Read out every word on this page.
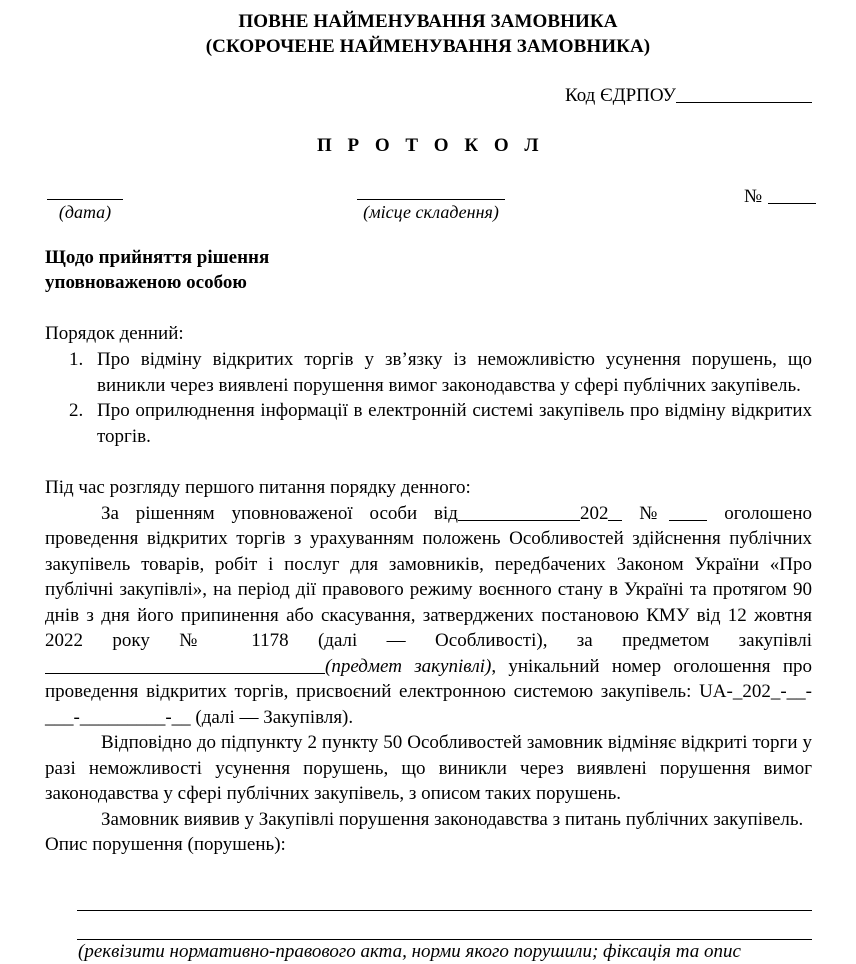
ПОВНЕ НАЙМЕНУВАННЯ ЗАМОВНИКА
(СКОРОЧЕНЕ НАЙМЕНУВАННЯ ЗАМОВНИКА)
Код ЄДРПОУ
П Р О Т О К О Л
(дата)	(місце складення)
№
Щодо прийняття рішення
уповноваженою особою
Порядок денний:
Про відміну відкритих торгів у зв’язку із неможливістю усунення порушень, що виникли через виявлені порушення вимог законодавства у сфері публічних закупівель.
Про оприлюднення інформації в електронній системі закупівель про відміну відкритих торгів.

Під час розгляду першого питання порядку денного:

За рішенням уповноваженої особи від	202 №	оголошено проведення відкритих торгів з урахуванням положень Особливостей здійснення публічних закупівель товарів, робіт і послуг для замовників, передбачених Законом України «Про публічні закупівлі», на період дії правового режиму воєнного стану в Україні та протягом 90 днів з дня його припинення або скасування, затверджених постановою КМУ від 12 жовтня 2022 року № 1178 (далі — Особливості), за предметом закупівлі (предмет закупівлі), унікальний номер оголошення про проведення відкритих торгів, присвоєний електронною системою закупівель: UA-_202_-__-___-_________-__ (далі — Закупівля).

Відповідно до підпункту 2 пункту 50 Особливостей замовник відміняє відкриті торги у разі неможливості усунення порушень, що виникли через виявлені порушення вимог законодавства у сфері публічних закупівель, з описом таких порушень.

Замовник виявив у Закупівлі порушення законодавства з питань публічних закупівель.

Опис порушення (порушень):

(реквізити нормативно-правового акта, норми якого порушили; фіксація та опис
